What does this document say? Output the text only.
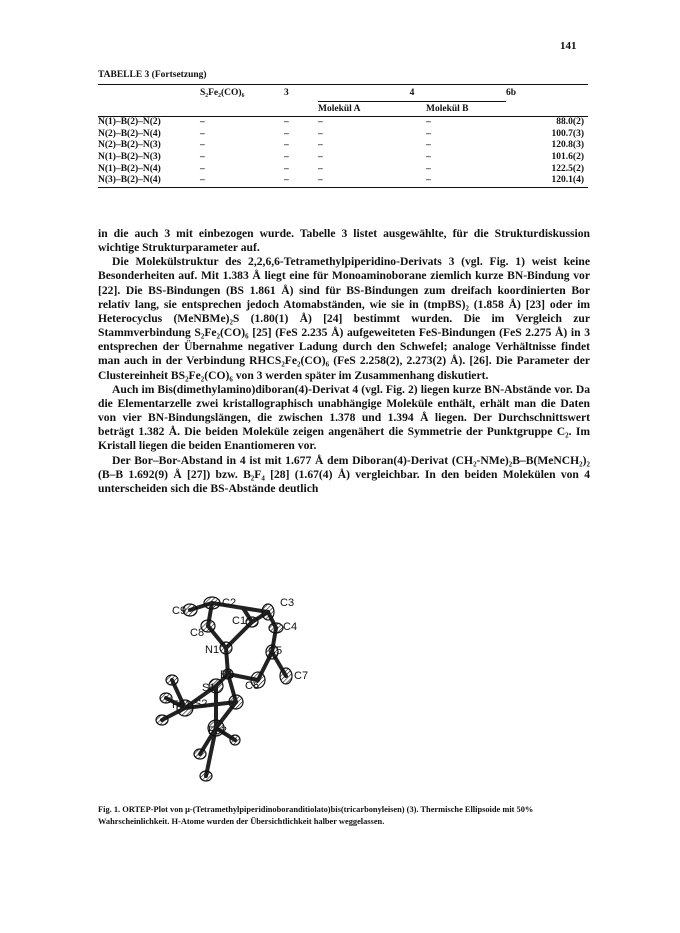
141
TABELLE 3 (Fortsetzung)
	S₂Fe₂(CO)₆	3	4		6b
			Molekül A	Molekül B	
N(1)–B(2)–N(2)	–	–	–	–	88.0(2)
N(2)–B(2)–N(4)	–	–	–	–	100.7(3)
N(2)–B(2)–N(3)	–	–	–	–	120.8(3)
N(1)–B(2)–N(3)	–	–	–	–	101.6(2)
N(1)–B(2)–N(4)	–	–	–	–	122.5(2)
N(3)–B(2)–N(4)	–	–	–	–	120.1(4)

in die auch 3 mit einbezogen wurde. Tabelle 3 listet ausgewählte, für die Strukturdiskussion wichtige Strukturparameter auf.

Die Molekülstruktur des 2,2,6,6-Tetramethylpiperidino-Derivats 3 (vgl. Fig. 1) weist keine Besonderheiten auf. Mit 1.383 Å liegt eine für Monoaminoborane ziemlich kurze BN-Bindung vor [22]. Die BS-Bindungen (BS 1.861 Å) sind für BS-Bindungen zum dreifach koordinierten Bor relativ lang, sie entsprechen jedoch Atomabständen, wie sie in (tmpBS)₂ (1.858 Å) [23] oder im Heterocyclus (MeNBMe)₂S (1.80(1) Å) [24] bestimmt wurden. Die im Vergleich zur Stammverbindung S₂Fe₂(CO)₆ [25] (FeS 2.235 Å) aufgeweiteten FeS-Bindungen (FeS 2.275 Å) in 3 entsprechen der Übernahme negativer Ladung durch den Schwefel; analoge Verhältnisse findet man auch in der Verbindung RHCS₂Fe₂(CO)₆ (FeS 2.258(2), 2.273(2) Å). [26]. Die Parameter der Clustereinheit BS₂Fe₂(CO)₆ von 3 werden später im Zusammenhang diskutiert.

Auch im Bis(dimethylamino)diboran(4)-Derivat 4 (vgl. Fig. 2) liegen kurze BN-Abstände vor. Da die Elementarzelle zwei kristallographisch unabhängige Moleküle enthält, erhält man die Daten von vier BN-Bindungslängen, die zwischen 1.378 und 1.394 Å liegen. Der Durchschnittswert beträgt 1.382 Å. Die beiden Moleküle zeigen angenähert die Symmetrie der Punktgruppe C₂. Im Kristall liegen die beiden Enantiomeren vor.

Der Bor–Bor-Abstand in 4 ist mit 1.677 Å dem Diboran(4)-Derivat (CH₂-NMe)₂B–B(MeNCH₂)₂ (B–B 1.692(9) Å [27]) bzw. B₂F₄ [28] (1.67(4) Å) vergleichbar. In den beiden Molekülen von 4 unterscheiden sich die BS-Abstände deutlich

C2	C3
C9
C1	C4
C8
N1	C5
B1
C6
C7
S1
Fe1 S2
Fe2
Fig. 1. ORTEP-Plot von μ-(Tetramethylpiperidinoboranditiolato)bis(tricarbonyleisen) (3). Thermische Ellipsoide mit 50% Wahrscheinlichkeit. H-Atome wurden der Übersichtlichkeit halber weggelassen.
